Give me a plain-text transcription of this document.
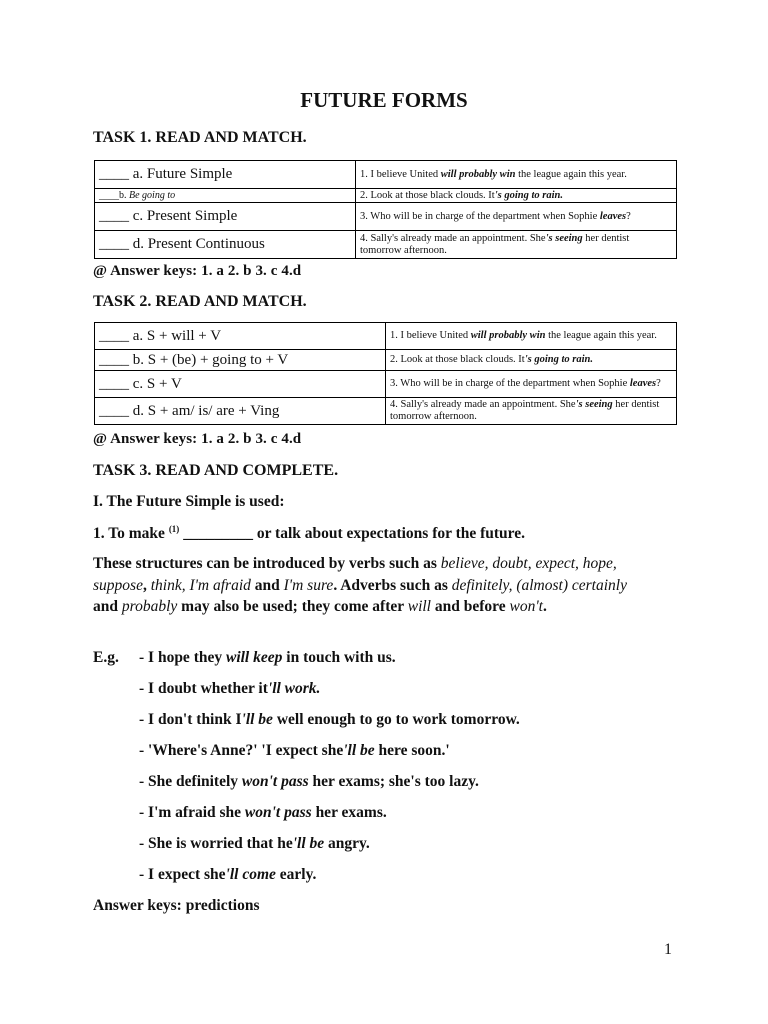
FUTURE FORMS
TASK 1. READ AND MATCH.
____ a. Future Simple	1. I believe United will probably win the league again this year.
____b. Be going to	2. Look at those black clouds. It's going to rain.
____ c. Present Simple	3. Who will be in charge of the department when Sophie leaves?
____ d. Present Continuous	4. Sally's already made an appointment. She's seeing her dentist tomorrow afternoon.
@ Answer keys: 1. a 2. b 3. c 4.d
TASK 2. READ AND MATCH.
____ a. S + will + V	1. I believe United will probably win the league again this year.
____ b. S + (be) + going to + V	2. Look at those black clouds. It's going to rain.
____ c. S + V	3. Who will be in charge of the department when Sophie leaves?
____ d. S + am/ is/ are + Ving	4. Sally's already made an appointment. She's seeing her dentist tomorrow afternoon.
@ Answer keys: 1. a 2. b 3. c 4.d
TASK 3. READ AND COMPLETE.
I. The Future Simple is used:
1. To make $^{(1)}$ _________ or talk about expectations for the future.
These structures can be introduced by verbs such as believe, doubt, expect, hope, suppose, think, I'm afraid and I'm sure. Adverbs such as definitely, (almost) certainly and probably may also be used; they come after will and before won't.
E.g. - I hope they will keep in touch with us.
- I doubt whether it'll work.
- I don't think I'll be well enough to go to work tomorrow.
- 'Where's Anne?' 'I expect she'll be here soon.'
- She definitely won't pass her exams; she's too lazy.
- I'm afraid she won't pass her exams.
- She is worried that he'll be angry.
- I expect she'll come early.
Answer keys: predictions
1
